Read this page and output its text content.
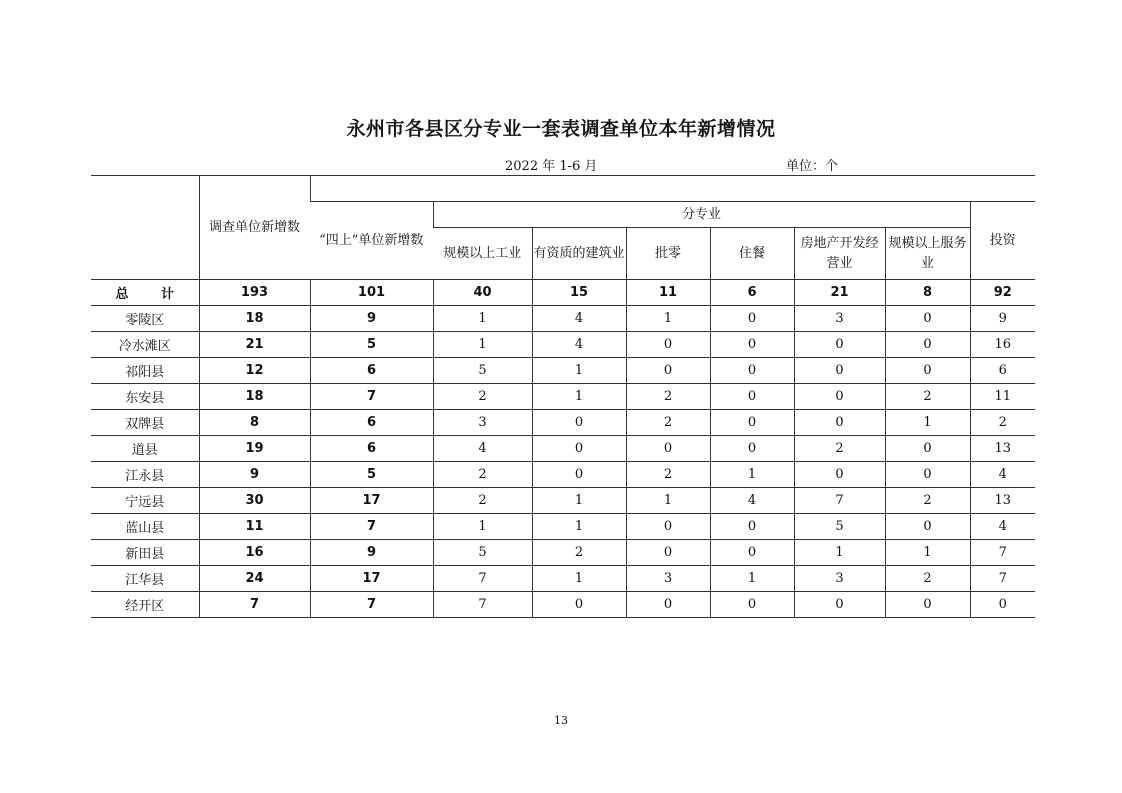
永州市各县区分专业一套表调查单位本年新增情况
2022 年 1-6 月	单位：个
	调查单位新增数								
		“四上”单位新增数	分专业						投资
			规模以上工业	有资质的建筑业	批零	住餐	房地产开发经营业	规模以上服务业	
总 计	193	101	40	15	11	6	21	8	92
零陵区	18	9	1	4	1	0	3	0	9
冷水滩区	21	5	1	4	0	0	0	0	16
祁阳县	12	6	5	1	0	0	0	0	6
东安县	18	7	2	1	2	0	0	2	11
双牌县	8	6	3	0	2	0	0	1	2
道县	19	6	4	0	0	0	2	0	13
江永县	9	5	2	0	2	1	0	0	4
宁远县	30	17	2	1	1	4	7	2	13
蓝山县	11	7	1	1	0	0	5	0	4
新田县	16	9	5	2	0	0	1	1	7
江华县	24	17	7	1	3	1	3	2	7
经开区	7	7	7	0	0	0	0	0	0
13
